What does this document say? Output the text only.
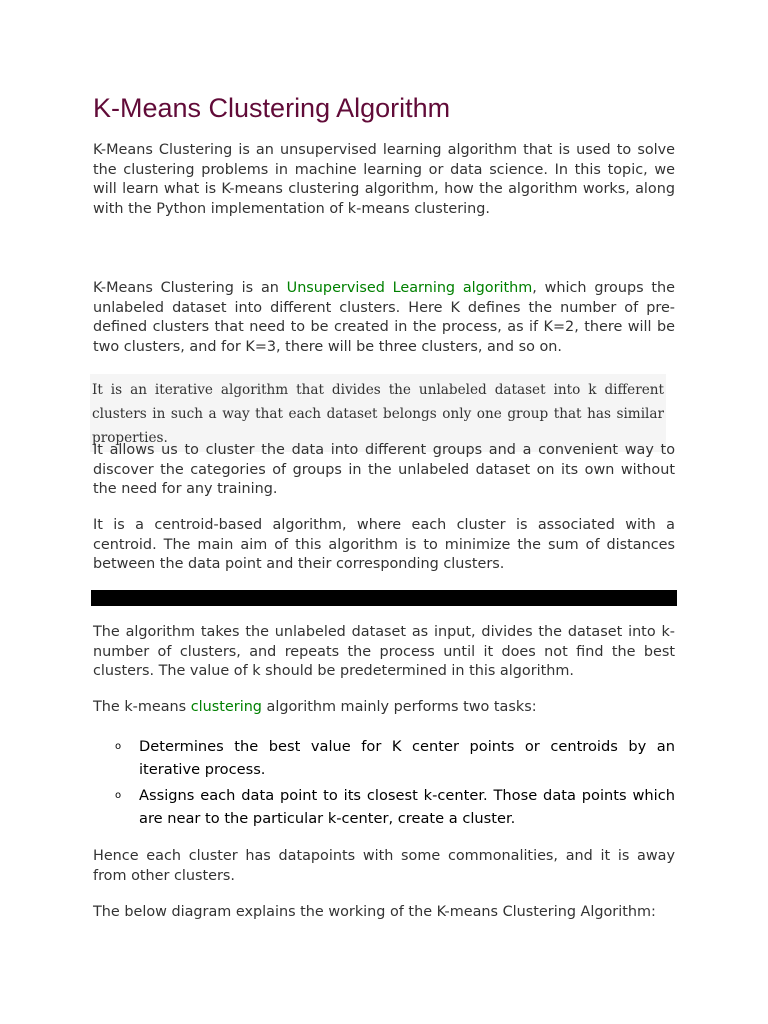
K-Means Clustering Algorithm

K-Means Clustering is an unsupervised learning algorithm that is used to solve the clustering problems in machine learning or data science. In this topic, we will learn what is K-means clustering algorithm, how the algorithm works, along with the Python implementation of k-means clustering.

K-Means Clustering is an Unsupervised Learning algorithm, which groups the unlabeled dataset into different clusters. Here K defines the number of pre-defined clusters that need to be created in the process, as if K=2, there will be two clusters, and for K=3, there will be three clusters, and so on.

It is an iterative algorithm that divides the unlabeled dataset into k different clusters in such a way that each dataset belongs only one group that has similar properties.

It allows us to cluster the data into different groups and a convenient way to discover the categories of groups in the unlabeled dataset on its own without the need for any training.

It is a centroid-based algorithm, where each cluster is associated with a centroid. The main aim of this algorithm is to minimize the sum of distances between the data point and their corresponding clusters.

The algorithm takes the unlabeled dataset as input, divides the dataset into k-number of clusters, and repeats the process until it does not find the best clusters. The value of k should be predetermined in this algorithm.

The k-means clustering algorithm mainly performs two tasks:

o Determines the best value for K center points or centroids by an iterative process.
o Assigns each data point to its closest k-center. Those data points which are near to the particular k-center, create a cluster.

Hence each cluster has datapoints with some commonalities, and it is away from other clusters.

The below diagram explains the working of the K-means Clustering Algorithm:
